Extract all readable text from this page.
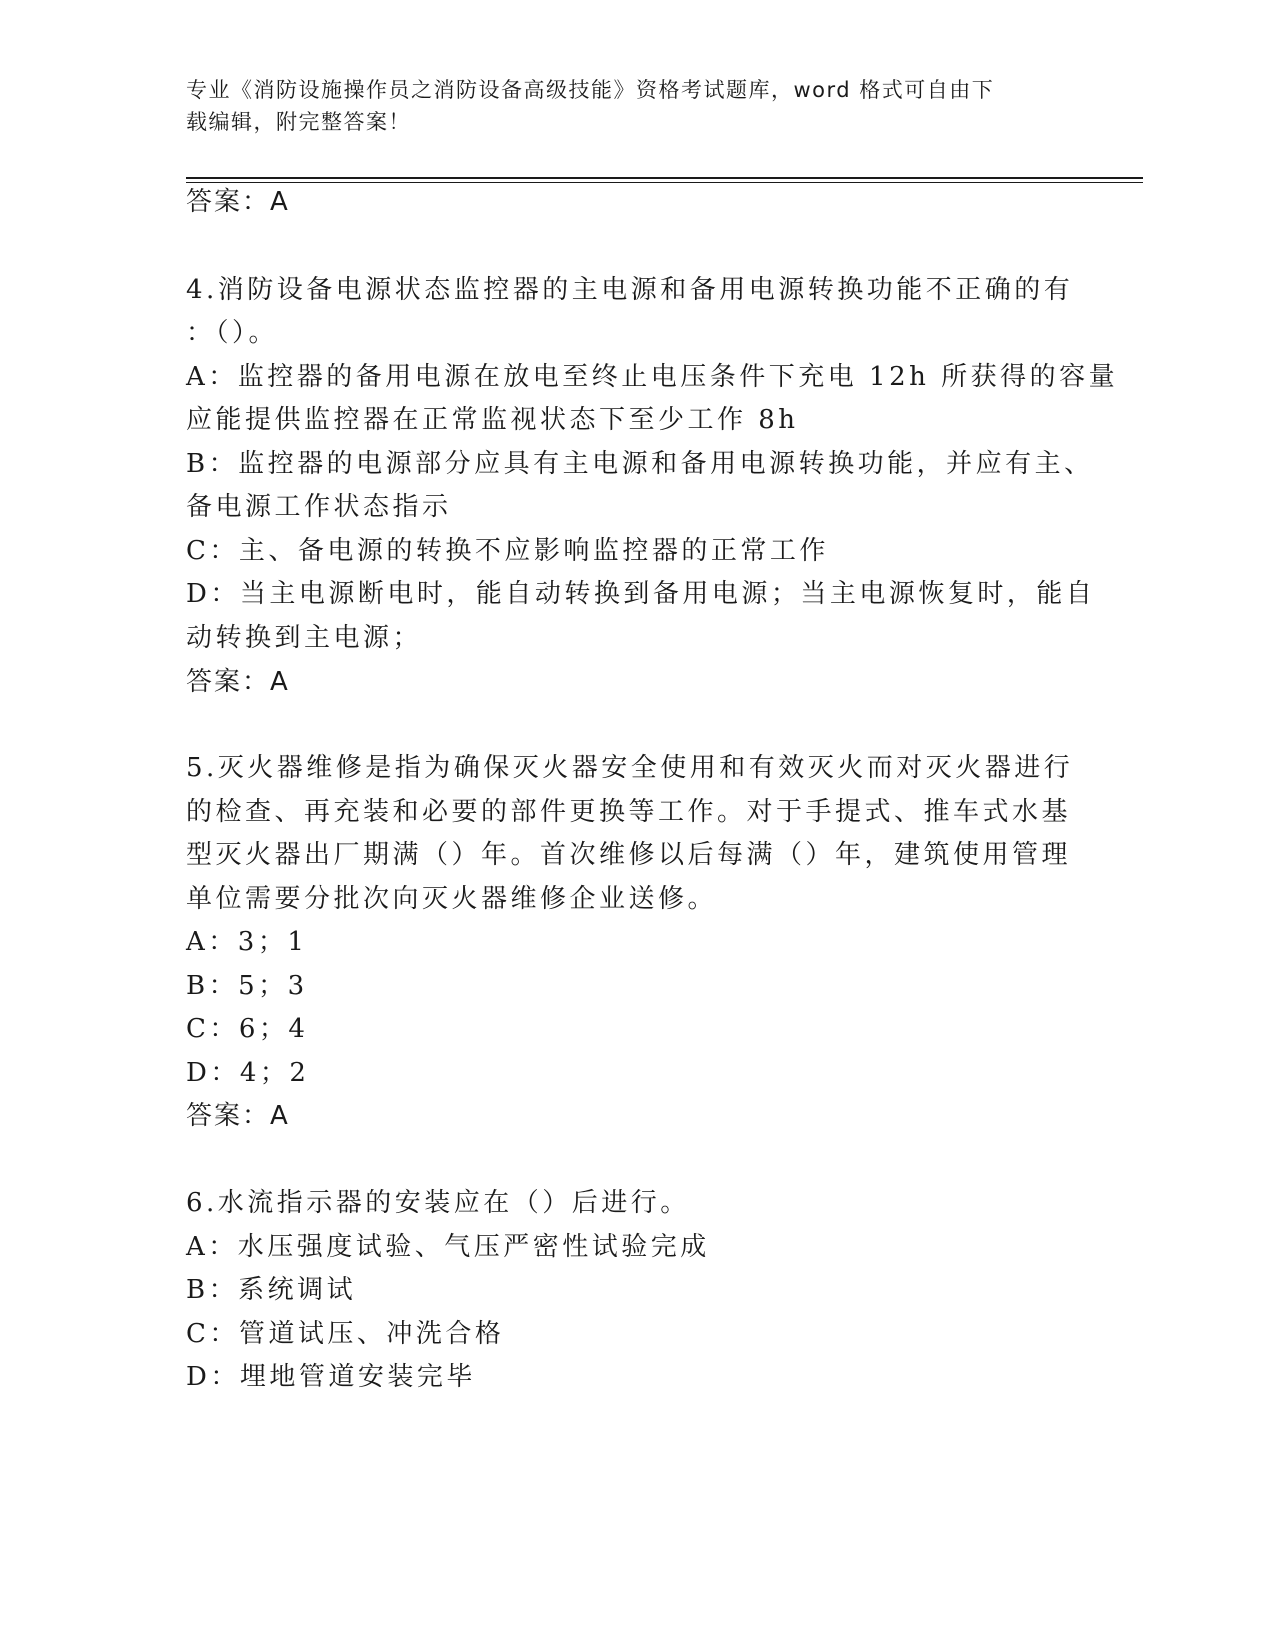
专业《消防设施操作员之消防设备高级技能》资格考试题库，word 格式可自由下
载编辑，附完整答案！
答案：A
4.消防设备电源状态监控器的主电源和备用电源转换功能不正确的有
：（）。
A：监控器的备用电源在放电至终止电压条件下充电 12h 所获得的容量
应能提供监控器在正常监视状态下至少工作 8h
B：监控器的电源部分应具有主电源和备用电源转换功能，并应有主、
备电源工作状态指示
C：主、备电源的转换不应影响监控器的正常工作
D：当主电源断电时，能自动转换到备用电源；当主电源恢复时，能自
动转换到主电源；
答案：A
5.灭火器维修是指为确保灭火器安全使用和有效灭火而对灭火器进行
的检查、再充装和必要的部件更换等工作。对于手提式、推车式水基
型灭火器出厂期满（）年。首次维修以后每满（）年，建筑使用管理
单位需要分批次向灭火器维修企业送修。
A：3；1
B：5；3
C：6；4
D：4；2
答案：A
6.水流指示器的安装应在（）后进行。
A：水压强度试验、气压严密性试验完成
B：系统调试
C：管道试压、冲洗合格
D：埋地管道安装完毕
